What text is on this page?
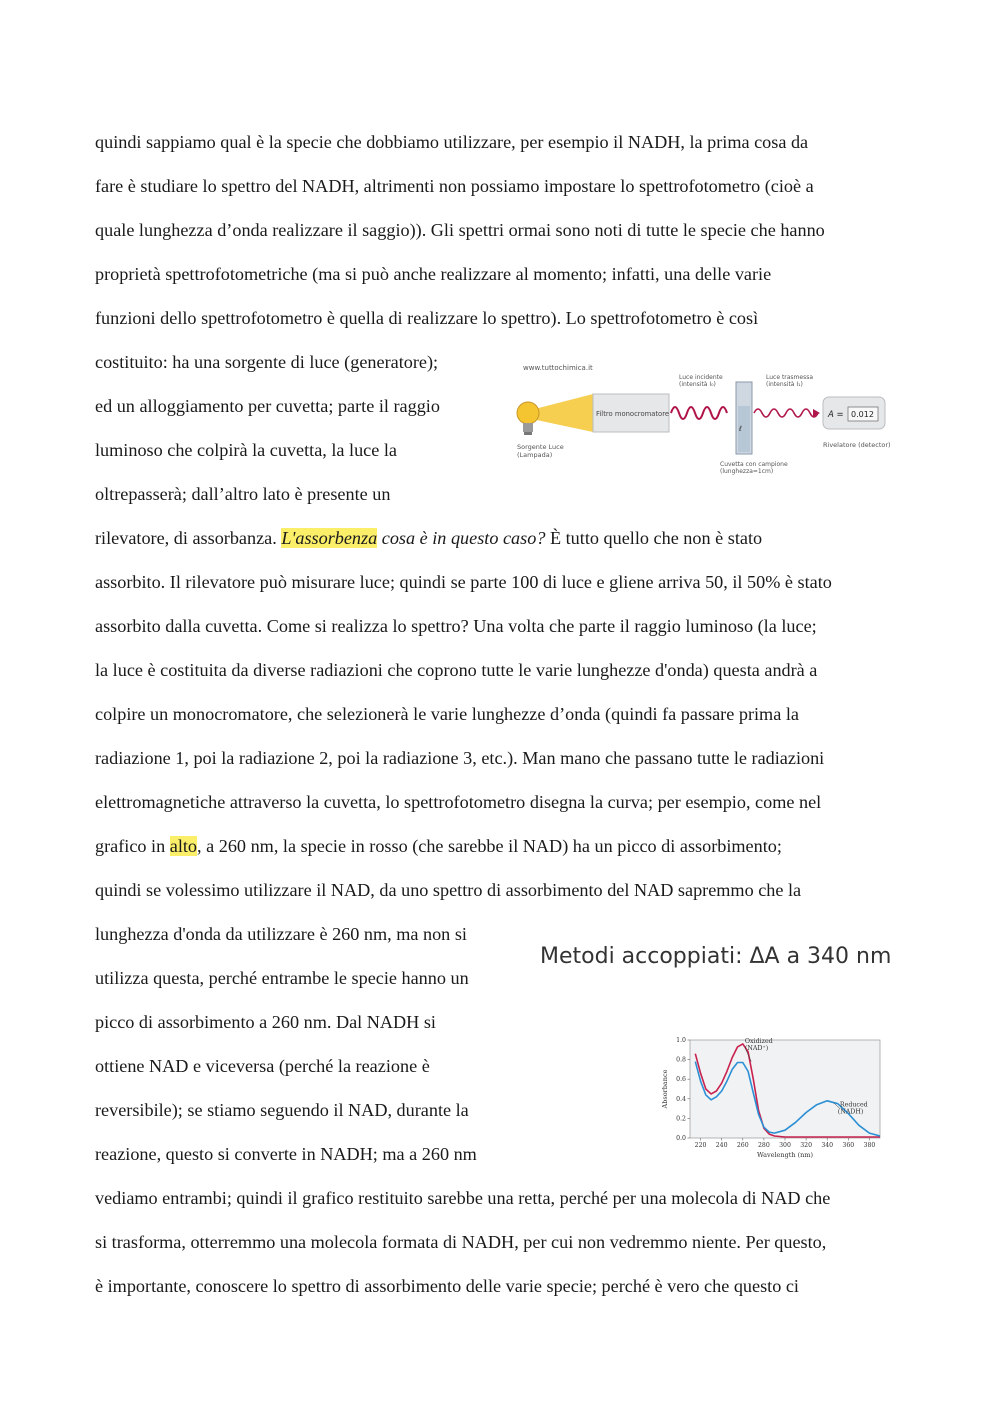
quindi sappiamo qual è la specie che dobbiamo utilizzare, per esempio il NADH, la prima cosa da
fare è studiare lo spettro del NADH, altrimenti non possiamo impostare lo spettrofotometro (cioè a
quale lunghezza d’onda realizzare il saggio)). Gli spettri ormai sono noti di tutte le specie che hanno
proprietà spettrofotometriche (ma si può anche realizzare al momento; infatti, una delle varie
funzioni dello spettrofotometro è quella di realizzare lo spettro). Lo spettrofotometro è così
costituito: ha una sorgente di luce (generatore);
ed un alloggiamento per cuvetta; parte il raggio
luminoso che colpirà la cuvetta, la luce la
oltrepasserà; dall’altro lato è presente un
rilevatore, di assorbanza. L'assorbenza cosa è in questo caso? È tutto quello che non è stato
assorbito. Il rilevatore può misurare luce; quindi se parte 100 di luce e gliene arriva 50, il 50% è stato
assorbito dalla cuvetta. Come si realizza lo spettro? Una volta che parte il raggio luminoso (la luce;
la luce è costituita da diverse radiazioni che coprono tutte le varie lunghezze d'onda) questa andrà a
colpire un monocromatore, che selezionerà le varie lunghezze d’onda (quindi fa passare prima la
radiazione 1, poi la radiazione 2, poi la radiazione 3, etc.). Man mano che passano tutte le radiazioni
elettromagnetiche attraverso la cuvetta, lo spettrofotometro disegna la curva; per esempio, come nel
grafico in alto, a 260 nm, la specie in rosso (che sarebbe il NAD) ha un picco di assorbimento;
quindi se volessimo utilizzare il NAD, da uno spettro di assorbimento del NAD sapremmo che la
lunghezza d'onda da utilizzare è 260 nm, ma non si
utilizza questa, perché entrambe le specie hanno un
picco di assorbimento a 260 nm. Dal NADH si
ottiene NAD e viceversa (perché la reazione è
reversibile); se stiamo seguendo il NAD, durante la
reazione, questo si converte in NADH; ma a 260 nm
vediamo entrambi; quindi il grafico restituito sarebbe una retta, perché per una molecola di NAD che
si trasforma, otterremmo una molecola formata di NADH, per cui non vedremmo niente. Per questo,
è importante, conoscere lo spettro di assorbimento delle varie specie; perché è vero che questo ci
www.tuttochimica.it
Sorgente Luce
(Lampada)
Filtro monocromatore
Luce incidente
(intensità I₀)
ℓ
Cuvetta con campione
(lunghezza=1cm)
Luce trasmessa
(intensità I₁)
A = 0.012
Rivelatore (detector)
Metodi accoppiati: ΔA a 340 nm
220 240 260 280 300 320 340 360 380
0.0
0.2
0.4
0.6
0.8
1.0
Wavelength (nm)
Absorbance
Oxidized
(NAD⁺)
Reduced
(NADH)
